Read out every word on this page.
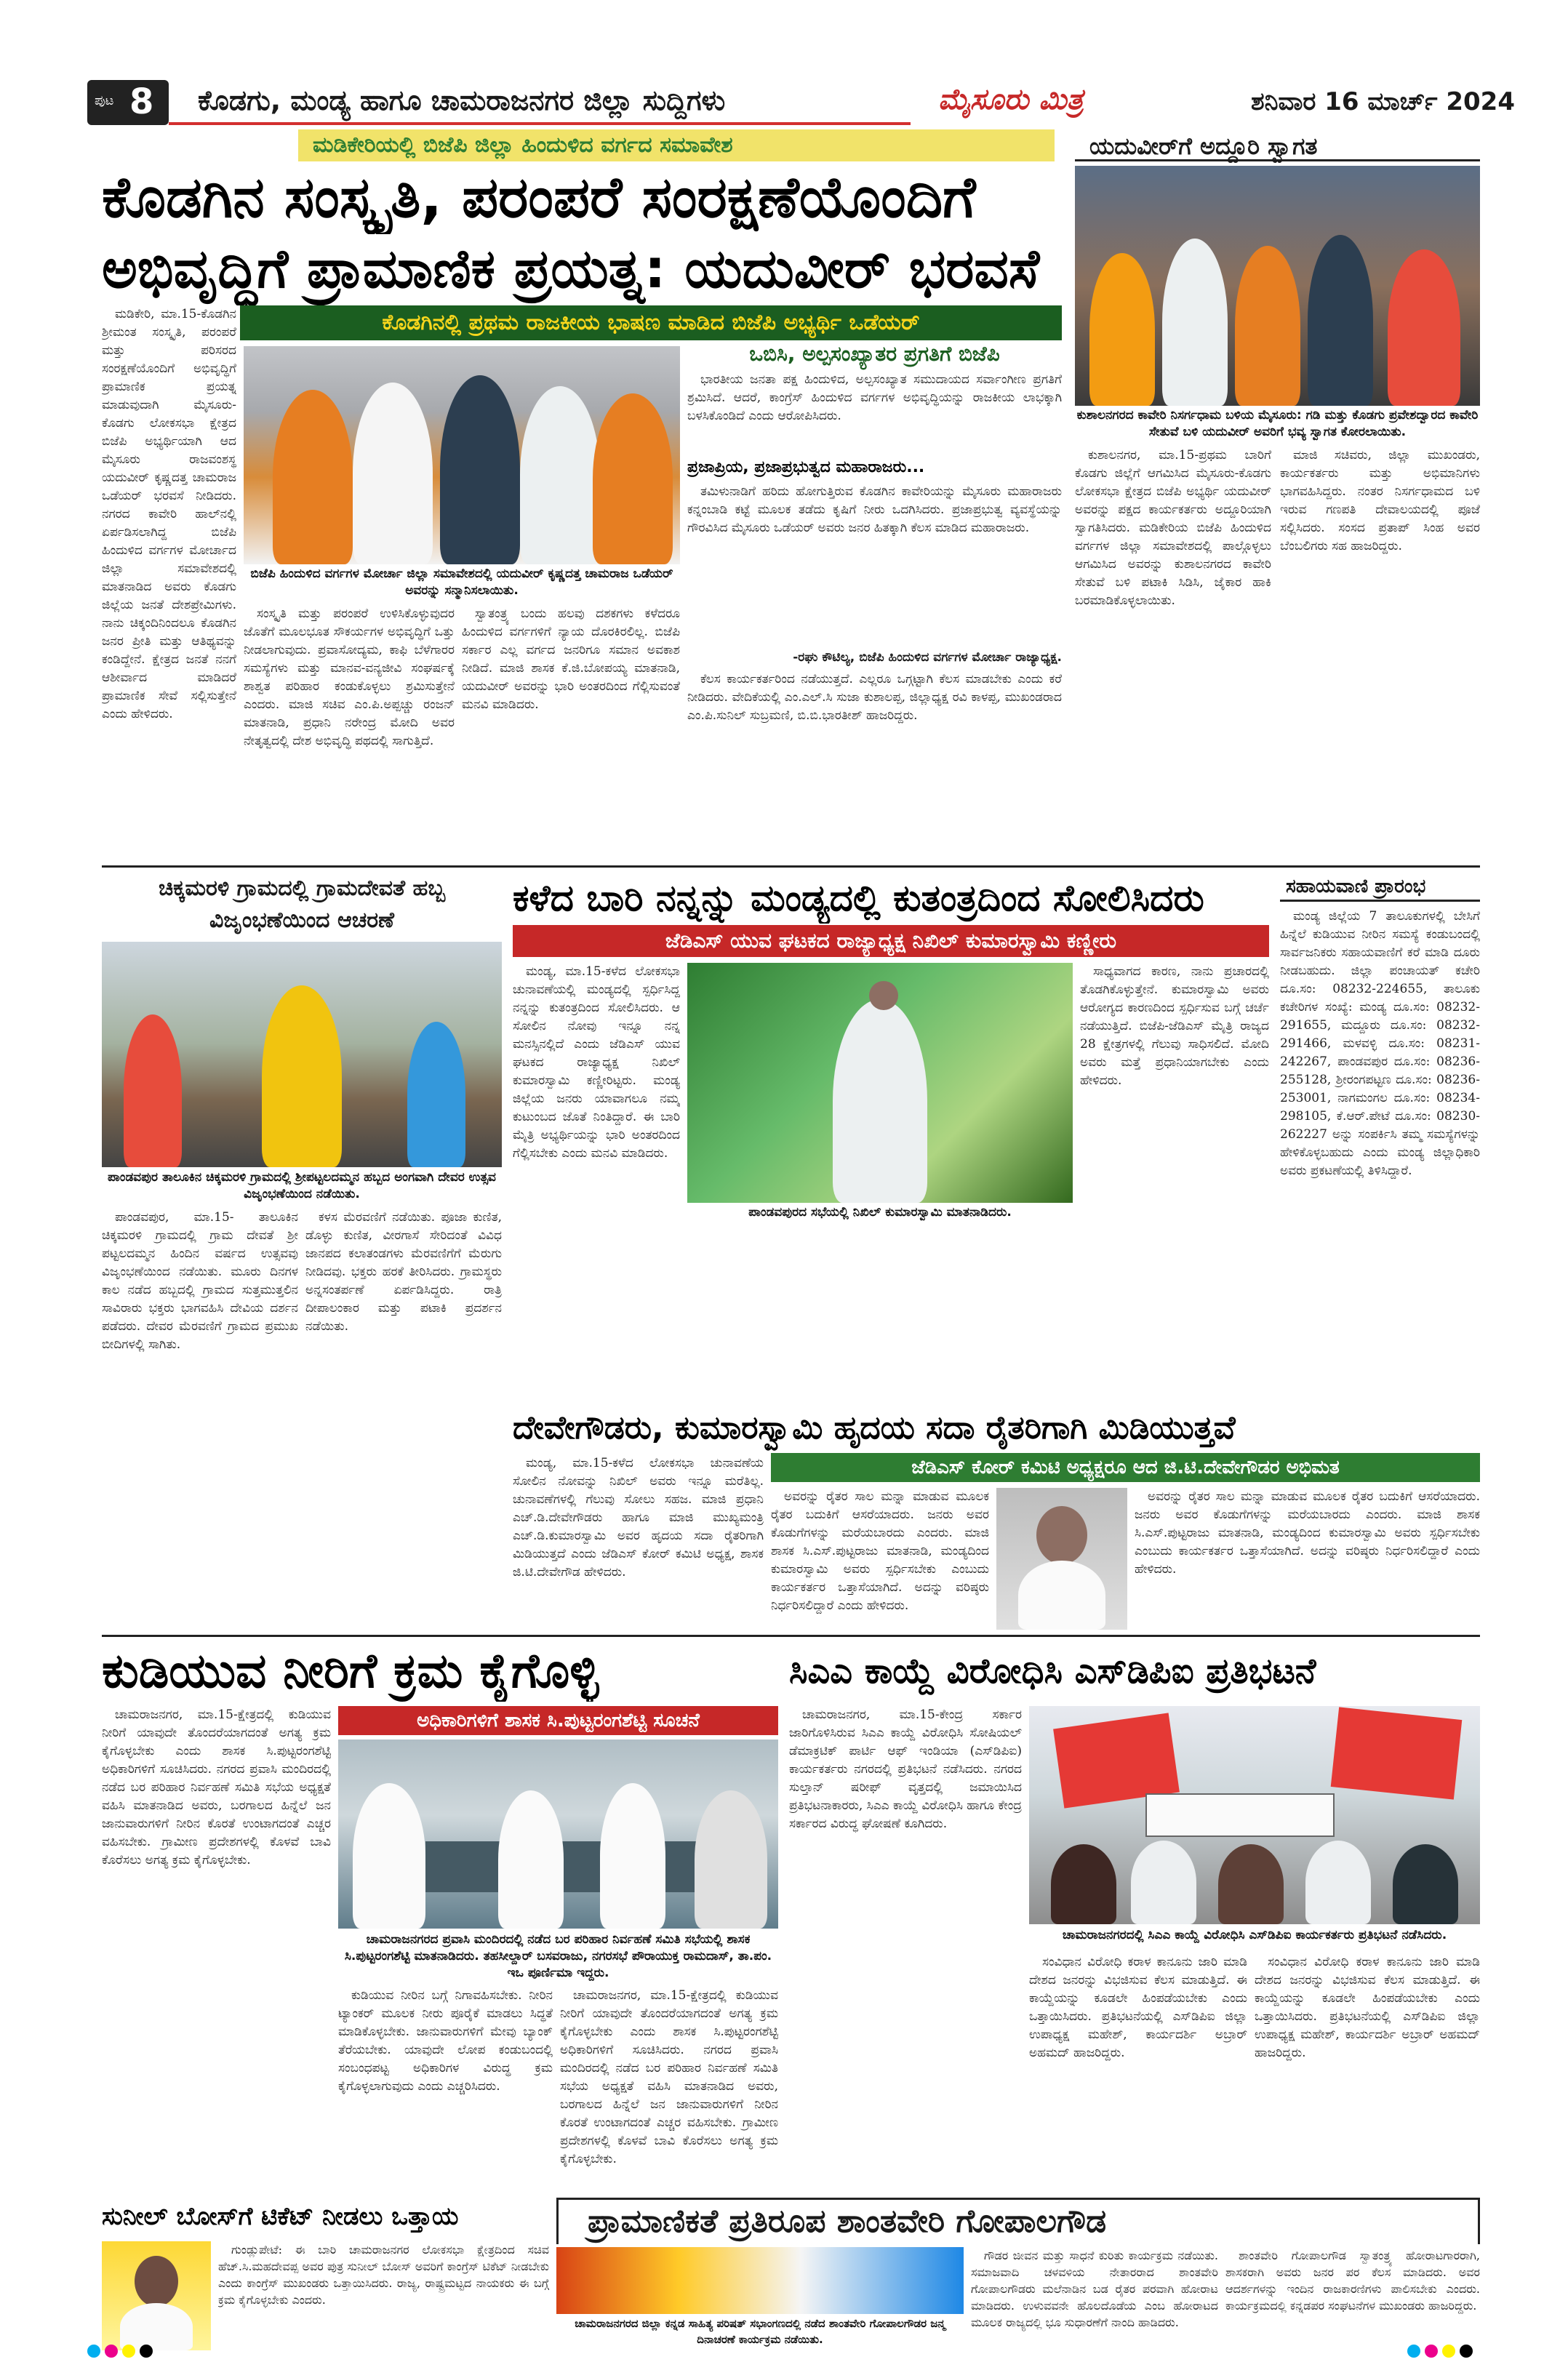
ಪುಟ 8 ಕೊಡಗು, ಮಂಡ್ಯ ಹಾಗೂ ಚಾಮರಾಜನಗರ ಜಿಲ್ಲಾ ಸುದ್ದಿಗಳು	ಮೈಸೂರು ಮಿತ್ರ	ಶನಿವಾರ 16 ಮಾರ್ಚ್ 2024
ಮಡಿಕೇರಿಯಲ್ಲಿ ಬಿಜೆಪಿ ಜಿಲ್ಲಾ ಹಿಂದುಳಿದ ವರ್ಗದ ಸಮಾವೇಶ
ಕೊಡಗಿನ ಸಂಸ್ಕೃತಿ, ಪರಂಪರೆ ಸಂರಕ್ಷಣೆಯೊಂದಿಗೆ
ಅಭಿವೃದ್ಧಿಗೆ ಪ್ರಾಮಾಣಿಕ ಪ್ರಯತ್ನ: ಯದುವೀರ್ ಭರವಸೆ
ಕೊಡಗಿನಲ್ಲಿ ಪ್ರಥಮ ರಾಜಕೀಯ ಭಾಷಣ ಮಾಡಿದ ಬಿಜೆಪಿ ಅಭ್ಯರ್ಥಿ ಒಡೆಯರ್

ಮಡಿಕೇರಿ, ಮಾ.15-ಕೊಡಗಿನ ಶ್ರೀಮಂತ ಸಂಸ್ಕೃತಿ, ಪರಂಪರೆ ಮತ್ತು ಪರಿಸರದ ಸಂರಕ್ಷಣೆಯೊಂದಿಗೆ ಅಭಿವೃದ್ಧಿಗೆ ಪ್ರಾಮಾಣಿಕ ಪ್ರಯತ್ನ ಮಾಡುವುದಾಗಿ ಮೈಸೂರು-ಕೊಡಗು ಲೋಕಸಭಾ ಕ್ಷೇತ್ರದ ಬಿಜೆಪಿ ಅಭ್ಯರ್ಥಿಯಾಗಿ ಆದ ಮೈಸೂರು ರಾಜವಂಶಸ್ಥ ಯದುವೀರ್ ಕೃಷ್ಣದತ್ತ ಚಾಮರಾಜ ಒಡೆಯರ್ ಭರವಸೆ ನೀಡಿದರು. ನಗರದ ಕಾವೇರಿ ಹಾಲ್‌ನಲ್ಲಿ ಏರ್ಪಡಿಸಲಾಗಿದ್ದ ಬಿಜೆಪಿ ಹಿಂದುಳಿದ ವರ್ಗಗಳ ಮೋರ್ಚಾದ ಜಿಲ್ಲಾ ಸಮಾವೇಶದಲ್ಲಿ ಮಾತನಾಡಿದ ಅವರು ಕೊಡಗು ಜಿಲ್ಲೆಯ ಜನತೆ ದೇಶಪ್ರೇಮಿಗಳು. ನಾನು ಚಿಕ್ಕಂದಿನಿಂದಲೂ ಕೊಡಗಿನ ಜನರ ಪ್ರೀತಿ ಮತ್ತು ಆತಿಥ್ಯವನ್ನು ಕಂಡಿದ್ದೇನೆ. ಕ್ಷೇತ್ರದ ಜನತೆ ನನಗೆ ಆಶೀರ್ವಾದ ಮಾಡಿದರೆ ಪ್ರಾಮಾಣಿಕ ಸೇವೆ ಸಲ್ಲಿಸುತ್ತೇನೆ ಎಂದು ಹೇಳಿದರು.

ಬಿಜೆಪಿ ಹಿಂದುಳಿದ ವರ್ಗಗಳ ಮೋರ್ಚಾ ಜಿಲ್ಲಾ ಸಮಾವೇಶದಲ್ಲಿ ಯದುವೀರ್ ಕೃಷ್ಣದತ್ತ ಚಾಮರಾಜ ಒಡೆಯರ್ ಅವರನ್ನು ಸನ್ಮಾನಿಸಲಾಯಿತು.

ಸಂಸ್ಕೃತಿ ಮತ್ತು ಪರಂಪರೆ ಉಳಿಸಿಕೊಳ್ಳುವುದರ ಜೊತೆಗೆ ಮೂಲಭೂತ ಸೌಕರ್ಯಗಳ ಅಭಿವೃದ್ಧಿಗೆ ಒತ್ತು ನೀಡಲಾಗುವುದು. ಪ್ರವಾಸೋದ್ಯಮ, ಕಾಫಿ ಬೆಳೆಗಾರರ ಸಮಸ್ಯೆಗಳು ಮತ್ತು ಮಾನವ-ವನ್ಯಜೀವಿ ಸಂಘರ್ಷಕ್ಕೆ ಶಾಶ್ವತ ಪರಿಹಾರ ಕಂಡುಕೊಳ್ಳಲು ಶ್ರಮಿಸುತ್ತೇನೆ ಎಂದರು. ಮಾಜಿ ಸಚಿವ ಎಂ.ಪಿ.ಅಪ್ಪಚ್ಚು ರಂಜನ್ ಮಾತನಾಡಿ, ಪ್ರಧಾನಿ ನರೇಂದ್ರ ಮೋದಿ ಅವರ ನೇತೃತ್ವದಲ್ಲಿ ದೇಶ ಅಭಿವೃದ್ಧಿ ಪಥದಲ್ಲಿ ಸಾಗುತ್ತಿದೆ.

ಸ್ವಾತಂತ್ರ್ಯ ಬಂದು ಹಲವು ದಶಕಗಳು ಕಳೆದರೂ ಹಿಂದುಳಿದ ವರ್ಗಗಳಿಗೆ ನ್ಯಾಯ ದೊರಕಿರಲಿಲ್ಲ. ಬಿಜೆಪಿ ಸರ್ಕಾರ ಎಲ್ಲ ವರ್ಗದ ಜನರಿಗೂ ಸಮಾನ ಅವಕಾಶ ನೀಡಿದೆ. ಮಾಜಿ ಶಾಸಕ ಕೆ.ಜಿ.ಬೋಪಯ್ಯ ಮಾತನಾಡಿ, ಯದುವೀರ್ ಅವರನ್ನು ಭಾರಿ ಅಂತರದಿಂದ ಗೆಲ್ಲಿಸುವಂತೆ ಮನವಿ ಮಾಡಿದರು.

ಒಬಿಸಿ, ಅಲ್ಪಸಂಖ್ಯಾತರ ಪ್ರಗತಿಗೆ ಬಿಜೆಪಿ

ಭಾರತೀಯ ಜನತಾ ಪಕ್ಷ ಹಿಂದುಳಿದ, ಅಲ್ಪಸಂಖ್ಯಾತ ಸಮುದಾಯದ ಸರ್ವಾಂಗೀಣ ಪ್ರಗತಿಗೆ ಶ್ರಮಿಸಿದೆ. ಆದರೆ, ಕಾಂಗ್ರೆಸ್ ಹಿಂದುಳಿದ ವರ್ಗಗಳ ಅಭಿವೃದ್ಧಿಯನ್ನು ರಾಜಕೀಯ ಲಾಭಕ್ಕಾಗಿ ಬಳಸಿಕೊಂಡಿದೆ ಎಂದು ಆರೋಪಿಸಿದರು.

ಪ್ರಜಾಪ್ರಿಯ, ಪ್ರಜಾಪ್ರಭುತ್ವದ ಮಹಾರಾಜರು...

ತಮಿಳುನಾಡಿಗೆ ಹರಿದು ಹೋಗುತ್ತಿರುವ ಕೊಡಗಿನ ಕಾವೇರಿಯನ್ನು ಮೈಸೂರು ಮಹಾರಾಜರು ಕನ್ನಂಬಾಡಿ ಕಟ್ಟೆ ಮೂಲಕ ತಡೆದು ಕೃಷಿಗೆ ನೀರು ಒದಗಿಸಿದರು. ಪ್ರಜಾಪ್ರಭುತ್ವ ವ್ಯವಸ್ಥೆಯನ್ನು ಗೌರವಿಸಿದ ಮೈಸೂರು ಒಡೆಯರ್ ಅವರು ಜನರ ಹಿತಕ್ಕಾಗಿ ಕೆಲಸ ಮಾಡಿದ ಮಹಾರಾಜರು.

-ರಘು ಕೌಟಿಲ್ಯ, ಬಿಜೆಪಿ ಹಿಂದುಳಿದ ವರ್ಗಗಳ ಮೋರ್ಚಾ ರಾಜ್ಯಾಧ್ಯಕ್ಷ.

ಕೆಲಸ ಕಾರ್ಯಕರ್ತರಿಂದ ನಡೆಯುತ್ತದೆ. ಎಲ್ಲರೂ ಒಗ್ಗಟ್ಟಾಗಿ ಕೆಲಸ ಮಾಡಬೇಕು ಎಂದು ಕರೆ ನೀಡಿದರು. ವೇದಿಕೆಯಲ್ಲಿ ಎಂ.ಎಲ್.ಸಿ ಸುಜಾ ಕುಶಾಲಪ್ಪ, ಜಿಲ್ಲಾಧ್ಯಕ್ಷ ರವಿ ಕಾಳಪ್ಪ, ಮುಖಂಡರಾದ ಎಂ.ಪಿ.ಸುನಿಲ್ ಸುಬ್ರಮಣಿ, ಬಿ.ಬಿ.ಭಾರತೀಶ್ ಹಾಜರಿದ್ದರು.

ಯದುವೀರ್‌ಗೆ ಅದ್ದೂರಿ ಸ್ವಾಗತ
ಕುಶಾಲನಗರದ ಕಾವೇರಿ ನಿಸರ್ಗಧಾಮ ಬಳಿಯ ಮೈಸೂರು: ಗಡಿ ಮತ್ತು ಕೊಡಗು ಪ್ರವೇಶದ್ವಾರದ ಕಾವೇರಿ ಸೇತುವೆ ಬಳಿ ಯದುವೀರ್ ಅವರಿಗೆ ಭವ್ಯ ಸ್ವಾಗತ ಕೋರಲಾಯಿತು.

ಕುಶಾಲನಗರ, ಮಾ.15-ಪ್ರಥಮ ಬಾರಿಗೆ ಕೊಡಗು ಜಿಲ್ಲೆಗೆ ಆಗಮಿಸಿದ ಮೈಸೂರು-ಕೊಡಗು ಲೋಕಸಭಾ ಕ್ಷೇತ್ರದ ಬಿಜೆಪಿ ಅಭ್ಯರ್ಥಿ ಯದುವೀರ್ ಅವರನ್ನು ಪಕ್ಷದ ಕಾರ್ಯಕರ್ತರು ಅದ್ದೂರಿಯಾಗಿ ಸ್ವಾಗತಿಸಿದರು. ಮಡಿಕೇರಿಯ ಬಿಜೆಪಿ ಹಿಂದುಳಿದ ವರ್ಗಗಳ ಜಿಲ್ಲಾ ಸಮಾವೇಶದಲ್ಲಿ ಪಾಲ್ಗೊಳ್ಳಲು ಆಗಮಿಸಿದ ಅವರನ್ನು ಕುಶಾಲನಗರದ ಕಾವೇರಿ ಸೇತುವೆ ಬಳಿ ಪಟಾಕಿ ಸಿಡಿಸಿ, ಜೈಕಾರ ಹಾಕಿ ಬರಮಾಡಿಕೊಳ್ಳಲಾಯಿತು.

ಮಾಜಿ ಸಚಿವರು, ಜಿಲ್ಲಾ ಮುಖಂಡರು, ಕಾರ್ಯಕರ್ತರು ಮತ್ತು ಅಭಿಮಾನಿಗಳು ಭಾಗವಹಿಸಿದ್ದರು. ನಂತರ ನಿಸರ್ಗಧಾಮದ ಬಳಿ ಇರುವ ಗಣಪತಿ ದೇವಾಲಯದಲ್ಲಿ ಪೂಜೆ ಸಲ್ಲಿಸಿದರು. ಸಂಸದ ಪ್ರತಾಪ್ ಸಿಂಹ ಅವರ ಬೆಂಬಲಿಗರು ಸಹ ಹಾಜರಿದ್ದರು.

ಚಿಕ್ಕಮರಳಿ ಗ್ರಾಮದಲ್ಲಿ ಗ್ರಾಮದೇವತೆ ಹಬ್ಬ ವಿಜೃಂಭಣೆಯಿಂದ ಆಚರಣೆ
ಪಾಂಡವಪುರ ತಾಲೂಕಿನ ಚಿಕ್ಕಮರಳಿ ಗ್ರಾಮದಲ್ಲಿ ಶ್ರೀಪಟ್ಟಲದಮ್ಮನ ಹಬ್ಬದ ಅಂಗವಾಗಿ ದೇವರ ಉತ್ಸವ ವಿಜೃಂಭಣೆಯಿಂದ ನಡೆಯಿತು.

ಪಾಂಡವಪುರ, ಮಾ.15- ತಾಲೂಕಿನ ಚಿಕ್ಕಮರಳಿ ಗ್ರಾಮದಲ್ಲಿ ಗ್ರಾಮ ದೇವತೆ ಶ್ರೀ ಪಟ್ಟಲದಮ್ಮನ ಹಿಂದಿನ ವರ್ಷದ ಉತ್ಸವವು ವಿಜೃಂಭಣೆಯಿಂದ ನಡೆಯಿತು. ಮೂರು ದಿನಗಳ ಕಾಲ ನಡೆದ ಹಬ್ಬದಲ್ಲಿ ಗ್ರಾಮದ ಸುತ್ತಮುತ್ತಲಿನ ಸಾವಿರಾರು ಭಕ್ತರು ಭಾಗವಹಿಸಿ ದೇವಿಯ ದರ್ಶನ ಪಡೆದರು. ದೇವರ ಮೆರವಣಿಗೆ ಗ್ರಾಮದ ಪ್ರಮುಖ ಬೀದಿಗಳಲ್ಲಿ ಸಾಗಿತು.

ಕಳಸ ಮೆರವಣಿಗೆ ನಡೆಯಿತು. ಪೂಜಾ ಕುಣಿತ, ಡೊಳ್ಳು ಕುಣಿತ, ವೀರಗಾಸೆ ಸೇರಿದಂತೆ ವಿವಿಧ ಜಾನಪದ ಕಲಾತಂಡಗಳು ಮೆರವಣಿಗೆಗೆ ಮೆರುಗು ನೀಡಿದವು. ಭಕ್ತರು ಹರಕೆ ತೀರಿಸಿದರು. ಗ್ರಾಮಸ್ಥರು ಅನ್ನಸಂತರ್ಪಣೆ ಏರ್ಪಡಿಸಿದ್ದರು. ರಾತ್ರಿ ದೀಪಾಲಂಕಾರ ಮತ್ತು ಪಟಾಕಿ ಪ್ರದರ್ಶನ ನಡೆಯಿತು.

ಕಳೆದ ಬಾರಿ ನನ್ನನ್ನು ಮಂಡ್ಯದಲ್ಲಿ ಕುತಂತ್ರದಿಂದ ಸೋಲಿಸಿದರು
ಜೆಡಿಎಸ್ ಯುವ ಘಟಕದ ರಾಜ್ಯಾಧ್ಯಕ್ಷ ನಿಖಿಲ್ ಕುಮಾರಸ್ವಾಮಿ ಕಣ್ಣೀರು

ಮಂಡ್ಯ, ಮಾ.15-ಕಳೆದ ಲೋಕಸಭಾ ಚುನಾವಣೆಯಲ್ಲಿ ಮಂಡ್ಯದಲ್ಲಿ ಸ್ಪರ್ಧಿಸಿದ್ದ ನನ್ನನ್ನು ಕುತಂತ್ರದಿಂದ ಸೋಲಿಸಿದರು. ಆ ಸೋಲಿನ ನೋವು ಇನ್ನೂ ನನ್ನ ಮನಸ್ಸಿನಲ್ಲಿದೆ ಎಂದು ಜೆಡಿಎಸ್ ಯುವ ಘಟಕದ ರಾಜ್ಯಾಧ್ಯಕ್ಷ ನಿಖಿಲ್ ಕುಮಾರಸ್ವಾಮಿ ಕಣ್ಣೀರಿಟ್ಟರು. ಮಂಡ್ಯ ಜಿಲ್ಲೆಯ ಜನರು ಯಾವಾಗಲೂ ನಮ್ಮ ಕುಟುಂಬದ ಜೊತೆ ನಿಂತಿದ್ದಾರೆ. ಈ ಬಾರಿ ಮೈತ್ರಿ ಅಭ್ಯರ್ಥಿಯನ್ನು ಭಾರಿ ಅಂತರದಿಂದ ಗೆಲ್ಲಿಸಬೇಕು ಎಂದು ಮನವಿ ಮಾಡಿದರು.

ಪಾಂಡವಪುರದ ಸಭೆಯಲ್ಲಿ ನಿಖಿಲ್ ಕುಮಾರಸ್ವಾಮಿ ಮಾತನಾಡಿದರು.

ಸಾಧ್ಯವಾಗದ ಕಾರಣ, ನಾನು ಪ್ರಚಾರದಲ್ಲಿ ತೊಡಗಿಕೊಳ್ಳುತ್ತೇನೆ. ಕುಮಾರಸ್ವಾಮಿ ಅವರು ಆರೋಗ್ಯದ ಕಾರಣದಿಂದ ಸ್ಪರ್ಧಿಸುವ ಬಗ್ಗೆ ಚರ್ಚೆ ನಡೆಯುತ್ತಿದೆ. ಬಿಜೆಪಿ-ಜೆಡಿಎಸ್ ಮೈತ್ರಿ ರಾಜ್ಯದ 28 ಕ್ಷೇತ್ರಗಳಲ್ಲಿ ಗೆಲುವು ಸಾಧಿಸಲಿದೆ. ಮೋದಿ ಅವರು ಮತ್ತೆ ಪ್ರಧಾನಿಯಾಗಬೇಕು ಎಂದು ಹೇಳಿದರು.

ಸಹಾಯವಾಣಿ ಪ್ರಾರಂಭ

ಮಂಡ್ಯ ಜಿಲ್ಲೆಯ 7 ತಾಲೂಕುಗಳಲ್ಲಿ ಬೇಸಿಗೆ ಹಿನ್ನೆಲೆ ಕುಡಿಯುವ ನೀರಿನ ಸಮಸ್ಯೆ ಕಂಡುಬಂದಲ್ಲಿ ಸಾರ್ವಜನಿಕರು ಸಹಾಯವಾಣಿಗೆ ಕರೆ ಮಾಡಿ ದೂರು ನೀಡಬಹುದು. ಜಿಲ್ಲಾ ಪಂಚಾಯತ್ ಕಚೇರಿ ದೂ.ಸಂ: 08232-224655, ತಾಲೂಕು ಕಚೇರಿಗಳ ಸಂಖ್ಯೆ: ಮಂಡ್ಯ ದೂ.ಸಂ: 08232-291655, ಮದ್ದೂರು ದೂ.ಸಂ: 08232-291466, ಮಳವಳ್ಳಿ ದೂ.ಸಂ: 08231-242267, ಪಾಂಡವಪುರ ದೂ.ಸಂ: 08236-255128, ಶ್ರೀರಂಗಪಟ್ಟಣ ದೂ.ಸಂ: 08236-253001, ನಾಗಮಂಗಲ ದೂ.ಸಂ: 08234-298105, ಕೆ.ಆರ್.ಪೇಟೆ ದೂ.ಸಂ: 08230-262227 ಅನ್ನು ಸಂಪರ್ಕಿಸಿ ತಮ್ಮ ಸಮಸ್ಯೆಗಳನ್ನು ಹೇಳಿಕೊಳ್ಳಬಹುದು ಎಂದು ಮಂಡ್ಯ ಜಿಲ್ಲಾಧಿಕಾರಿ ಅವರು ಪ್ರಕಟಣೆಯಲ್ಲಿ ತಿಳಿಸಿದ್ದಾರೆ.

ದೇವೇಗೌಡರು, ಕುಮಾರಸ್ವಾಮಿ ಹೃದಯ ಸದಾ ರೈತರಿಗಾಗಿ ಮಿಡಿಯುತ್ತವೆ
ಜೆಡಿಎಸ್ ಕೋರ್ ಕಮಿಟಿ ಅಧ್ಯಕ್ಷರೂ ಆದ ಜಿ.ಟಿ.ದೇವೇಗೌಡರ ಅಭಿಮತ

ಮಂಡ್ಯ, ಮಾ.15-ಕಳೆದ ಲೋಕಸಭಾ ಚುನಾವಣೆಯ ಸೋಲಿನ ನೋವನ್ನು ನಿಖಿಲ್ ಅವರು ಇನ್ನೂ ಮರೆತಿಲ್ಲ. ಚುನಾವಣೆಗಳಲ್ಲಿ ಗೆಲುವು ಸೋಲು ಸಹಜ. ಮಾಜಿ ಪ್ರಧಾನಿ ಎಚ್.ಡಿ.ದೇವೇಗೌಡರು ಹಾಗೂ ಮಾಜಿ ಮುಖ್ಯಮಂತ್ರಿ ಎಚ್.ಡಿ.ಕುಮಾರಸ್ವಾಮಿ ಅವರ ಹೃದಯ ಸದಾ ರೈತರಿಗಾಗಿ ಮಿಡಿಯುತ್ತದೆ ಎಂದು ಜೆಡಿಎಸ್ ಕೋರ್ ಕಮಿಟಿ ಅಧ್ಯಕ್ಷ, ಶಾಸಕ ಜಿ.ಟಿ.ದೇವೇಗೌಡ ಹೇಳಿದರು.

ಅವರನ್ನು ರೈತರ ಸಾಲ ಮನ್ನಾ ಮಾಡುವ ಮೂಲಕ ರೈತರ ಬದುಕಿಗೆ ಆಸರೆಯಾದರು. ಜನರು ಅವರ ಕೊಡುಗೆಗಳನ್ನು ಮರೆಯಬಾರದು ಎಂದರು. ಮಾಜಿ ಶಾಸಕ ಸಿ.ಎಸ್.ಪುಟ್ಟರಾಜು ಮಾತನಾಡಿ, ಮಂಡ್ಯದಿಂದ ಕುಮಾರಸ್ವಾಮಿ ಅವರು ಸ್ಪರ್ಧಿಸಬೇಕು ಎಂಬುದು ಕಾರ್ಯಕರ್ತರ ಒತ್ತಾಸೆಯಾಗಿದೆ. ಅದನ್ನು ವರಿಷ್ಠರು ನಿರ್ಧರಿಸಲಿದ್ದಾರೆ ಎಂದು ಹೇಳಿದರು.

ಅವರನ್ನು ರೈತರ ಸಾಲ ಮನ್ನಾ ಮಾಡುವ ಮೂಲಕ ರೈತರ ಬದುಕಿಗೆ ಆಸರೆಯಾದರು. ಜನರು ಅವರ ಕೊಡುಗೆಗಳನ್ನು ಮರೆಯಬಾರದು ಎಂದರು. ಮಾಜಿ ಶಾಸಕ ಸಿ.ಎಸ್.ಪುಟ್ಟರಾಜು ಮಾತನಾಡಿ, ಮಂಡ್ಯದಿಂದ ಕುಮಾರಸ್ವಾಮಿ ಅವರು ಸ್ಪರ್ಧಿಸಬೇಕು ಎಂಬುದು ಕಾರ್ಯಕರ್ತರ ಒತ್ತಾಸೆಯಾಗಿದೆ. ಅದನ್ನು ವರಿಷ್ಠರು ನಿರ್ಧರಿಸಲಿದ್ದಾರೆ ಎಂದು ಹೇಳಿದರು.

ಕುಡಿಯುವ ನೀರಿಗೆ ಕ್ರಮ ಕೈಗೊಳ್ಳಿ
ಅಧಿಕಾರಿಗಳಿಗೆ ಶಾಸಕ ಸಿ.ಪುಟ್ಟರಂಗಶೆಟ್ಟಿ ಸೂಚನೆ

ಚಾಮರಾಜನಗರ, ಮಾ.15-ಕ್ಷೇತ್ರದಲ್ಲಿ ಕುಡಿಯುವ ನೀರಿಗೆ ಯಾವುದೇ ತೊಂದರೆಯಾಗದಂತೆ ಅಗತ್ಯ ಕ್ರಮ ಕೈಗೊಳ್ಳಬೇಕು ಎಂದು ಶಾಸಕ ಸಿ.ಪುಟ್ಟರಂಗಶೆಟ್ಟಿ ಅಧಿಕಾರಿಗಳಿಗೆ ಸೂಚಿಸಿದರು. ನಗರದ ಪ್ರವಾಸಿ ಮಂದಿರದಲ್ಲಿ ನಡೆದ ಬರ ಪರಿಹಾರ ನಿರ್ವಹಣೆ ಸಮಿತಿ ಸಭೆಯ ಅಧ್ಯಕ್ಷತೆ ವಹಿಸಿ ಮಾತನಾಡಿದ ಅವರು, ಬರಗಾಲದ ಹಿನ್ನೆಲೆ ಜನ ಜಾನುವಾರುಗಳಿಗೆ ನೀರಿನ ಕೊರತೆ ಉಂಟಾಗದಂತೆ ಎಚ್ಚರ ವಹಿಸಬೇಕು. ಗ್ರಾಮೀಣ ಪ್ರದೇಶಗಳಲ್ಲಿ ಕೊಳವೆ ಬಾವಿ ಕೊರೆಸಲು ಅಗತ್ಯ ಕ್ರಮ ಕೈಗೊಳ್ಳಬೇಕು.

ಚಾಮರಾಜನಗರದ ಪ್ರವಾಸಿ ಮಂದಿರದಲ್ಲಿ ನಡೆದ ಬರ ಪರಿಹಾರ ನಿರ್ವಹಣೆ ಸಮಿತಿ ಸಭೆಯಲ್ಲಿ ಶಾಸಕ ಸಿ.ಪುಟ್ಟರಂಗಶೆಟ್ಟಿ ಮಾತನಾಡಿದರು. ತಹಸೀಲ್ದಾರ್ ಬಸವರಾಜು, ನಗರಸಭೆ ಪೌರಾಯುಕ್ತ ರಾಮದಾಸ್, ತಾ.ಪಂ. ಇಒ ಪೂರ್ಣಿಮಾ ಇದ್ದರು.

ಕುಡಿಯುವ ನೀರಿನ ಬಗ್ಗೆ ನಿಗಾವಹಿಸಬೇಕು. ನೀರಿನ ಟ್ಯಾಂಕರ್ ಮೂಲಕ ನೀರು ಪೂರೈಕೆ ಮಾಡಲು ಸಿದ್ಧತೆ ಮಾಡಿಕೊಳ್ಳಬೇಕು. ಜಾನುವಾರುಗಳಿಗೆ ಮೇವು ಬ್ಯಾಂಕ್ ತೆರೆಯಬೇಕು. ಯಾವುದೇ ಲೋಪ ಕಂಡುಬಂದಲ್ಲಿ ಸಂಬಂಧಪಟ್ಟ ಅಧಿಕಾರಿಗಳ ವಿರುದ್ಧ ಕ್ರಮ ಕೈಗೊಳ್ಳಲಾಗುವುದು ಎಂದು ಎಚ್ಚರಿಸಿದರು.

ಚಾಮರಾಜನಗರ, ಮಾ.15-ಕ್ಷೇತ್ರದಲ್ಲಿ ಕುಡಿಯುವ ನೀರಿಗೆ ಯಾವುದೇ ತೊಂದರೆಯಾಗದಂತೆ ಅಗತ್ಯ ಕ್ರಮ ಕೈಗೊಳ್ಳಬೇಕು ಎಂದು ಶಾಸಕ ಸಿ.ಪುಟ್ಟರಂಗಶೆಟ್ಟಿ ಅಧಿಕಾರಿಗಳಿಗೆ ಸೂಚಿಸಿದರು. ನಗರದ ಪ್ರವಾಸಿ ಮಂದಿರದಲ್ಲಿ ನಡೆದ ಬರ ಪರಿಹಾರ ನಿರ್ವಹಣೆ ಸಮಿತಿ ಸಭೆಯ ಅಧ್ಯಕ್ಷತೆ ವಹಿಸಿ ಮಾತನಾಡಿದ ಅವರು, ಬರಗಾಲದ ಹಿನ್ನೆಲೆ ಜನ ಜಾನುವಾರುಗಳಿಗೆ ನೀರಿನ ಕೊರತೆ ಉಂಟಾಗದಂತೆ ಎಚ್ಚರ ವಹಿಸಬೇಕು. ಗ್ರಾಮೀಣ ಪ್ರದೇಶಗಳಲ್ಲಿ ಕೊಳವೆ ಬಾವಿ ಕೊರೆಸಲು ಅಗತ್ಯ ಕ್ರಮ ಕೈಗೊಳ್ಳಬೇಕು.

ಸಿಎಎ ಕಾಯ್ದೆ ವಿರೋಧಿಸಿ ಎಸ್‌ಡಿಪಿಐ ಪ್ರತಿಭಟನೆ

ಚಾಮರಾಜನಗರ, ಮಾ.15-ಕೇಂದ್ರ ಸರ್ಕಾರ ಜಾರಿಗೊಳಿಸಿರುವ ಸಿಎಎ ಕಾಯ್ದೆ ವಿರೋಧಿಸಿ ಸೋಷಿಯಲ್ ಡೆಮಾಕ್ರಟಿಕ್ ಪಾರ್ಟಿ ಆಫ್ ಇಂಡಿಯಾ (ಎಸ್‌ಡಿಪಿಐ) ಕಾರ್ಯಕರ್ತರು ನಗರದಲ್ಲಿ ಪ್ರತಿಭಟನೆ ನಡೆಸಿದರು. ನಗರದ ಸುಲ್ತಾನ್ ಷರೀಫ್ ವೃತ್ತದಲ್ಲಿ ಜಮಾಯಿಸಿದ ಪ್ರತಿಭಟನಾಕಾರರು, ಸಿಎಎ ಕಾಯ್ದೆ ವಿರೋಧಿಸಿ ಹಾಗೂ ಕೇಂದ್ರ ಸರ್ಕಾರದ ವಿರುದ್ಧ ಘೋಷಣೆ ಕೂಗಿದರು.

ಚಾಮರಾಜನಗರದಲ್ಲಿ ಸಿಎಎ ಕಾಯ್ದೆ ವಿರೋಧಿಸಿ ಎಸ್‌ಡಿಪಿಐ ಕಾರ್ಯಕರ್ತರು ಪ್ರತಿಭಟನೆ ನಡೆಸಿದರು.

ಸಂವಿಧಾನ ವಿರೋಧಿ ಕರಾಳ ಕಾನೂನು ಜಾರಿ ಮಾಡಿ ದೇಶದ ಜನರನ್ನು ವಿಭಜಿಸುವ ಕೆಲಸ ಮಾಡುತ್ತಿದೆ. ಈ ಕಾಯ್ದೆಯನ್ನು ಕೂಡಲೇ ಹಿಂಪಡೆಯಬೇಕು ಎಂದು ಒತ್ತಾಯಿಸಿದರು. ಪ್ರತಿಭಟನೆಯಲ್ಲಿ ಎಸ್‌ಡಿಪಿಐ ಜಿಲ್ಲಾ ಉಪಾಧ್ಯಕ್ಷ ಮಹೇಶ್, ಕಾರ್ಯದರ್ಶಿ ಅಬ್ರಾರ್ ಅಹಮದ್ ಹಾಜರಿದ್ದರು.

ಸಂವಿಧಾನ ವಿರೋಧಿ ಕರಾಳ ಕಾನೂನು ಜಾರಿ ಮಾಡಿ ದೇಶದ ಜನರನ್ನು ವಿಭಜಿಸುವ ಕೆಲಸ ಮಾಡುತ್ತಿದೆ. ಈ ಕಾಯ್ದೆಯನ್ನು ಕೂಡಲೇ ಹಿಂಪಡೆಯಬೇಕು ಎಂದು ಒತ್ತಾಯಿಸಿದರು. ಪ್ರತಿಭಟನೆಯಲ್ಲಿ ಎಸ್‌ಡಿಪಿಐ ಜಿಲ್ಲಾ ಉಪಾಧ್ಯಕ್ಷ ಮಹೇಶ್, ಕಾರ್ಯದರ್ಶಿ ಅಬ್ರಾರ್ ಅಹಮದ್ ಹಾಜರಿದ್ದರು.

ಪ್ರಾಮಾಣಿಕತೆ ಪ್ರತಿರೂಪ ಶಾಂತವೇರಿ ಗೋಪಾಲಗೌಡ
ಚಾಮರಾಜನಗರದ ಜಿಲ್ಲಾ ಕನ್ನಡ ಸಾಹಿತ್ಯ ಪರಿಷತ್ ಸಭಾಂಗಣದಲ್ಲಿ ನಡೆದ ಶಾಂತವೇರಿ ಗೋಪಾಲಗೌಡರ ಜನ್ಮ ದಿನಾಚರಣೆ ಕಾರ್ಯಕ್ರಮ ನಡೆಯಿತು.

ಗೌಡರ ಜೀವನ ಮತ್ತು ಸಾಧನೆ ಕುರಿತು ಕಾರ್ಯಕ್ರಮ ನಡೆಯಿತು. ಸಮಾಜವಾದಿ ಚಳವಳಿಯ ನೇತಾರರಾದ ಶಾಂತವೇರಿ ಗೋಪಾಲಗೌಡರು ಮಲೆನಾಡಿನ ಬಡ ರೈತರ ಪರವಾಗಿ ಹೋರಾಟ ಮಾಡಿದರು. ಉಳುವವನೇ ಹೊಲದೊಡೆಯ ಎಂಬ ಹೋರಾಟದ ಮೂಲಕ ರಾಜ್ಯದಲ್ಲಿ ಭೂ ಸುಧಾರಣೆಗೆ ನಾಂದಿ ಹಾಡಿದರು.

ಶಾಂತವೇರಿ ಗೋಪಾಲಗೌಡ ಸ್ವಾತಂತ್ರ್ಯ ಹೋರಾಟಗಾರರಾಗಿ, ಶಾಸಕರಾಗಿ ಅವರು ಜನರ ಪರ ಕೆಲಸ ಮಾಡಿದರು. ಅವರ ಆದರ್ಶಗಳನ್ನು ಇಂದಿನ ರಾಜಕಾರಣಿಗಳು ಪಾಲಿಸಬೇಕು ಎಂದರು. ಕಾರ್ಯಕ್ರಮದಲ್ಲಿ ಕನ್ನಡಪರ ಸಂಘಟನೆಗಳ ಮುಖಂಡರು ಹಾಜರಿದ್ದರು.

ಸುನೀಲ್ ಬೋಸ್‌ಗೆ ಟಿಕೆಟ್ ನೀಡಲು ಒತ್ತಾಯ

ಗುಂಡ್ಲುಪೇಟೆ: ಈ ಬಾರಿ ಚಾಮರಾಜನಗರ ಲೋಕಸಭಾ ಕ್ಷೇತ್ರದಿಂದ ಸಚಿವ ಹೆಚ್.ಸಿ.ಮಹದೇವಪ್ಪ ಅವರ ಪುತ್ರ ಸುನೀಲ್ ಬೋಸ್ ಅವರಿಗೆ ಕಾಂಗ್ರೆಸ್ ಟಿಕೆಟ್ ನೀಡಬೇಕು ಎಂದು ಕಾಂಗ್ರೆಸ್ ಮುಖಂಡರು ಒತ್ತಾಯಿಸಿದರು. ರಾಜ್ಯ, ರಾಷ್ಟ್ರಮಟ್ಟದ ನಾಯಕರು ಈ ಬಗ್ಗೆ ಕ್ರಮ ಕೈಗೊಳ್ಳಬೇಕು ಎಂದರು.
